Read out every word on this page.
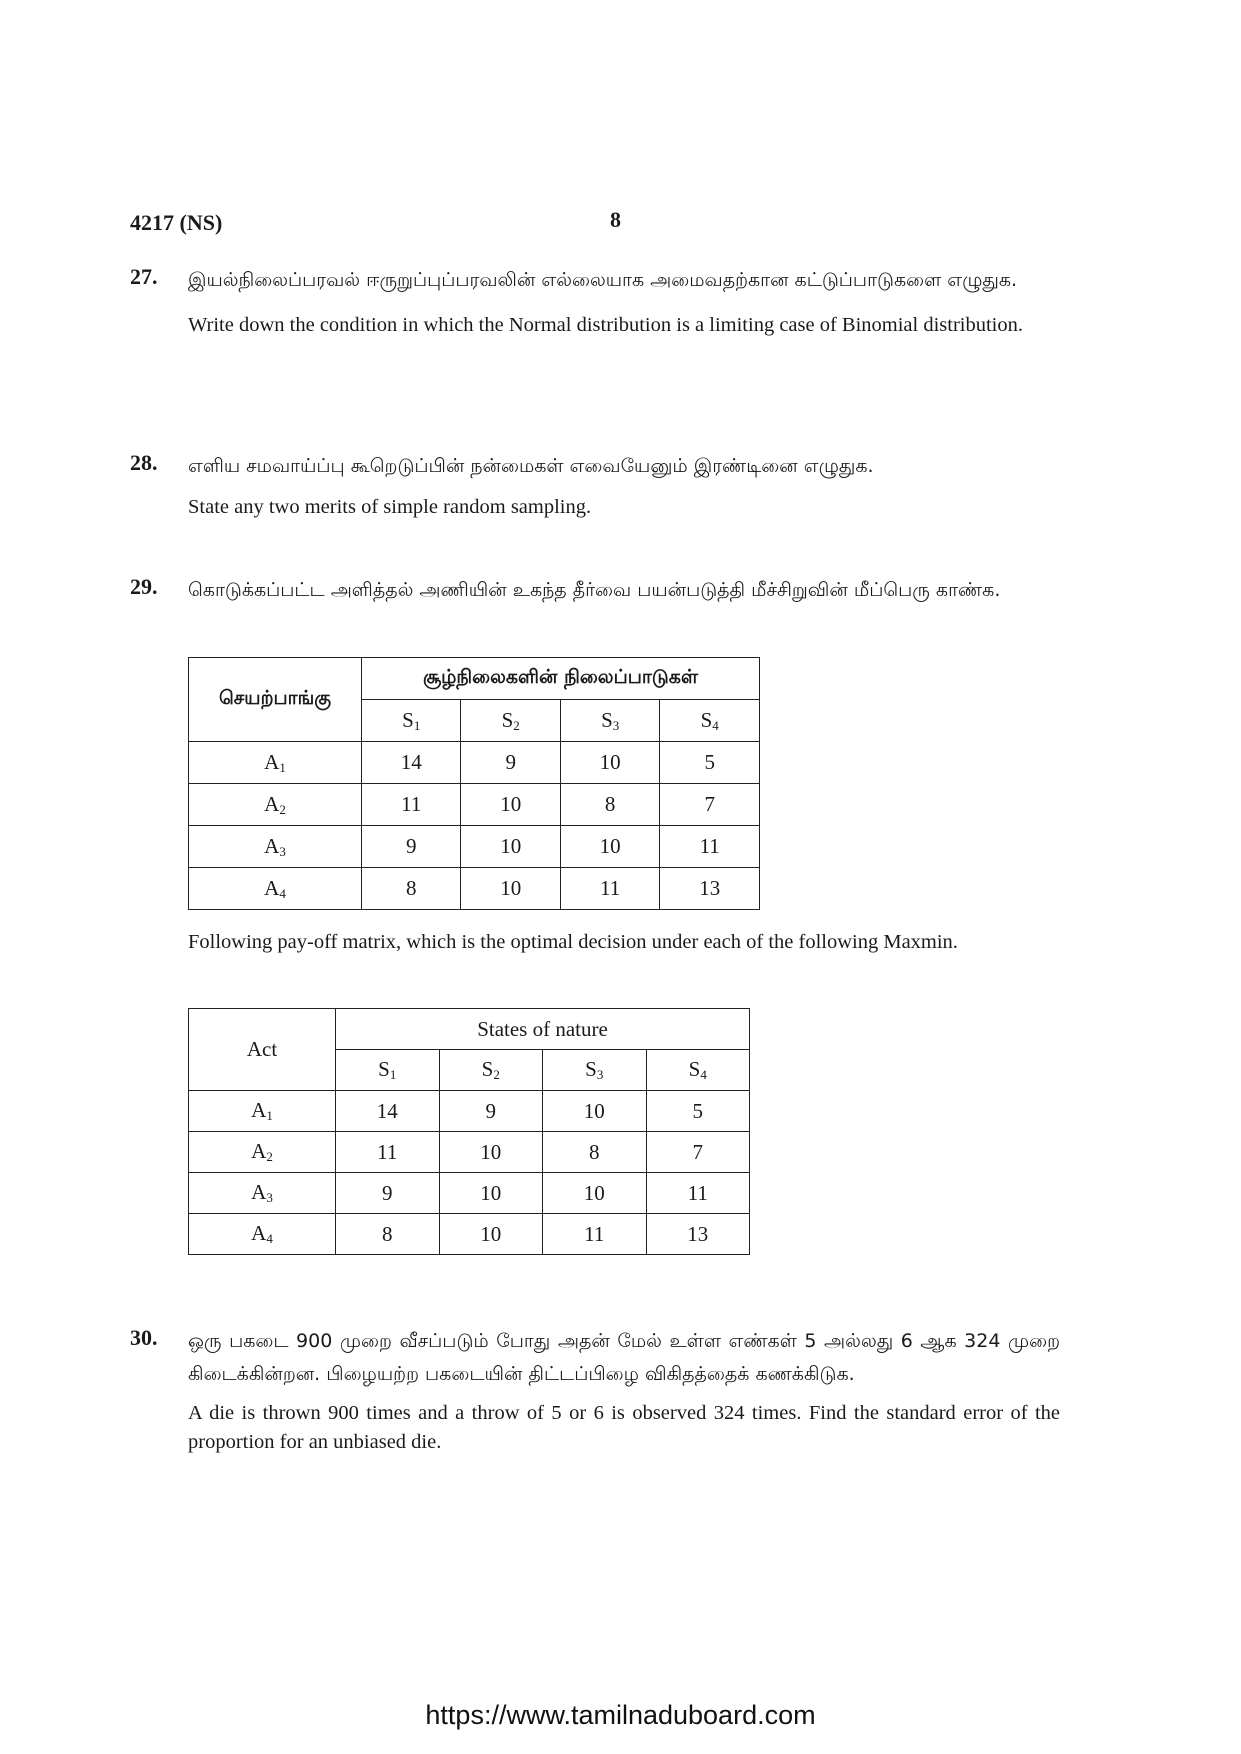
4217 (NS)	8
27. இயல்நிலைப்பரவல் ஈருறுப்புப்பரவலின் எல்லையாக அமைவதற்கான கட்டுப்பாடுகளை எழுதுக.

Write down the condition in which the Normal distribution is a limiting case of Binomial distribution.

28. எளிய சமவாய்ப்பு கூறெடுப்பின் நன்மைகள் எவையேனும் இரண்டினை எழுதுக.

State any two merits of simple random sampling.

29. கொடுக்கப்பட்ட அளித்தல் அணியின் உகந்த தீர்வை பயன்படுத்தி மீச்சிறுவின் மீப்பெரு காண்க.

செயற்பாங்கு	சூழ்நிலைகளின் நிலைப்பாடுகள்			
	$S_1$	$S_2$	$S_3$	$S_4$
$A_1$	14	9	10	5
$A_2$	11	10	8	7
$A_3$	9	10	10	11
$A_4$	8	10	11	13

Following pay-off matrix, which is the optimal decision under each of the following Maxmin.

Act	States of nature			
	$S_1$	$S_2$	$S_3$	$S_4$
$A_1$	14	9	10	5
$A_2$	11	10	8	7
$A_3$	9	10	10	11
$A_4$	8	10	11	13
30. ஒரு பகடை 900 முறை வீசப்படும் போது அதன் மேல் உள்ள எண்கள் 5 அல்லது 6 ஆக 324 முறை கிடைக்கின்றன. பிழையற்ற பகடையின் திட்டப்பிழை விகிதத்தைக் கணக்கிடுக.

A die is thrown 900 times and a throw of 5 or 6 is observed 324 times. Find the standard error of the proportion for an unbiased die.

https://www.tamilnaduboard.com
